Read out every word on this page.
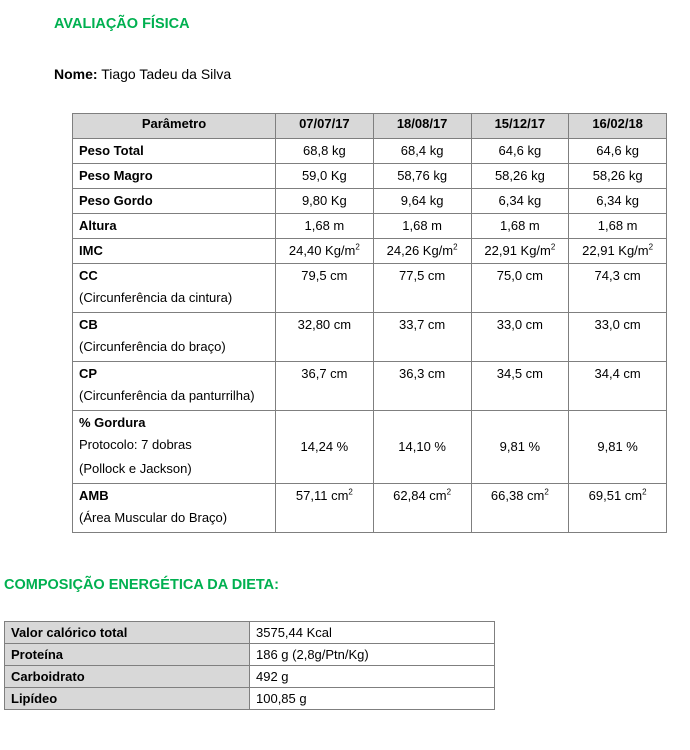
AVALIAÇÃO FÍSICA
Nome: Tiago Tadeu da Silva
Parâmetro	07/07/17	18/08/17	15/12/17	16/02/18
Peso Total	68,8 kg	68,4 kg	64,6 kg	64,6 kg
Peso Magro	59,0 Kg	58,76 kg	58,26 kg	58,26 kg
Peso Gordo	9,80 Kg	9,64 kg	6,34 kg	6,34 kg
Altura	1,68 m	1,68 m	1,68 m	1,68 m
IMC	24,40 $Kg/m^2$	24,26 $Kg/m^2$	22,91 $Kg/m^2$	22,91 $Kg/m^2$

CC
(Circunferência da cintura)	79,5 cm	77,5 cm	75,0 cm	74,3 cm

CB
(Circunferência do braço)	32,80 cm	33,7 cm	33,0 cm	33,0 cm

CP
(Circunferência da panturrilha)	36,7 cm	36,3 cm	34,5 cm	34,4 cm

% Gordura
Protocolo: 7 dobras
(Pollock e Jackson)	14,24 %	14,10 %	9,81 %	9,81 %

AMB
(Área Muscular do Braço)	57,11 $cm^2$	62,84 $cm^2$	66,38 $cm^2$	69,51 $cm^2$
COMPOSIÇÃO ENERGÉTICA DA DIETA:
Valor calórico total	3575,44 Kcal
Proteína	186 g (2,8g/Ptn/Kg)
Carboidrato	492 g
Lipídeo	100,85 g
